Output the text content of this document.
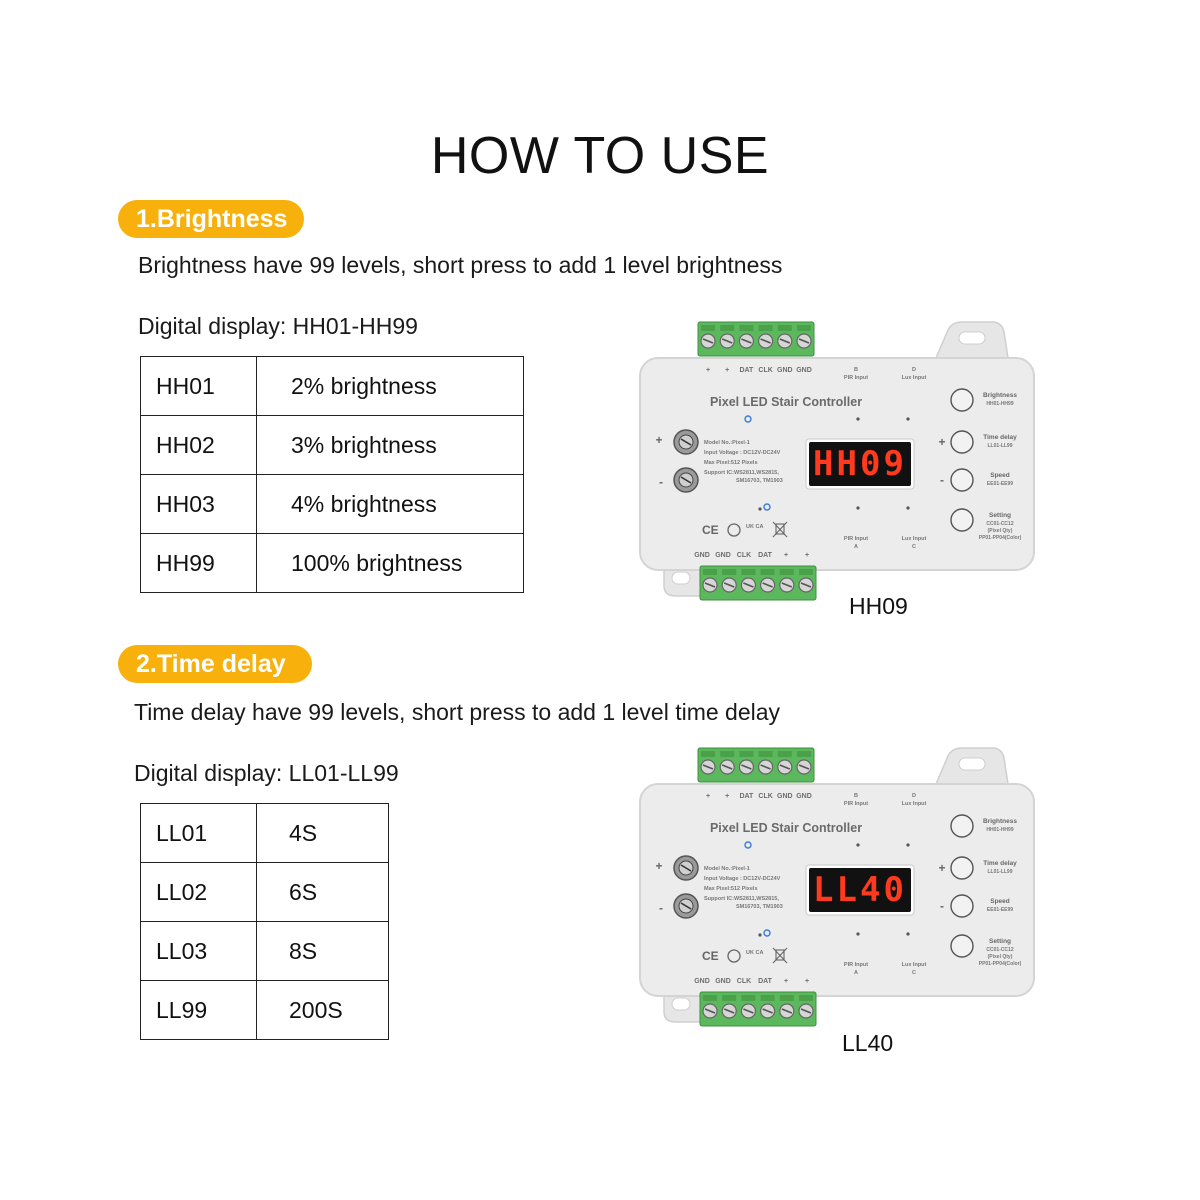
HOW TO USE
1.Brightness
Brightness have 99 levels, short press to add 1 level brightness
Digital display: HH01-HH99
HH01	2% brightness
HH02	3% brightness
HH03	4% brightness
HH99	100% brightness
+ + DAT CLK GND GND
GND GND CLK DAT + +
B
PIR Input
D
Lux Input
PIR Input
A
Lux Input
C
Pixel LED Stair Controller
+
-
Model No.:Pixel-1
Input Voltage : DC12V-DC24V
Max Pixel:512 Pixels
Support IC:WS2811,WS2815,
SM16703, TM1903
CE	UK CA
HH09
Brightness
HH01-HH99
+	Time delay
LL01-LL99
-	Speed
EE01-EE99
Setting
CC01-CC12
(Pixel Qty)
PP01-PP04(Color)
HH09
2.Time delay
Time delay have 99 levels, short press to add 1 level time delay
Digital display: LL01-LL99
LL01	4S
LL02	6S
LL03	8S
LL99	200S
+ + DAT CLK GND GND
GND GND CLK DAT + +
B
PIR Input
D
Lux Input
PIR Input
A
Lux Input
C
Pixel LED Stair Controller
+
-
Model No.:Pixel-1
Input Voltage : DC12V-DC24V
Max Pixel:512 Pixels
Support IC:WS2811,WS2815,
SM16703, TM1903
CE	UK CA
LL40
Brightness
HH01-HH99
+	Time delay
LL01-LL99
-	Speed
EE01-EE99
Setting
CC01-CC12
(Pixel Qty)
PP01-PP04(Color)
LL40
